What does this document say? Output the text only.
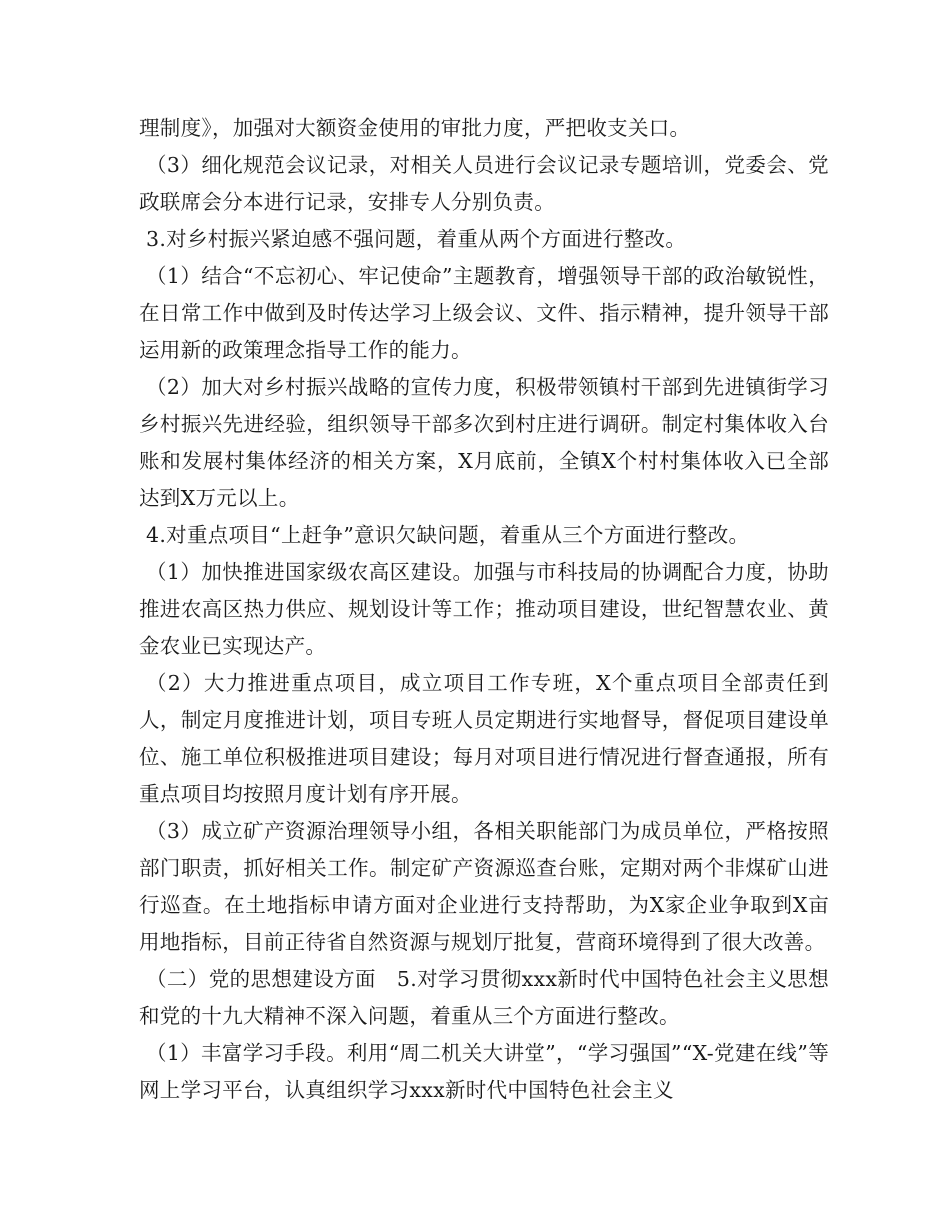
理制度》，加强对大额资金使用的审批力度，严把收支关口。

（3）细化规范会议记录，对相关人员进行会议记录专题培训，党委会、党政联席会分本进行记录，安排专人分别负责。

3.对乡村振兴紧迫感不强问题，着重从两个方面进行整改。

（1）结合“不忘初心、牢记使命”主题教育，增强领导干部的政治敏锐性，在日常工作中做到及时传达学习上级会议、文件、指示精神，提升领导干部运用新的政策理念指导工作的能力。

（2）加大对乡村振兴战略的宣传力度，积极带领镇村干部到先进镇街学习乡村振兴先进经验，组织领导干部多次到村庄进行调研。制定村集体收入台账和发展村集体经济的相关方案，X月底前，全镇X个村村集体收入已全部达到X万元以上。

4.对重点项目“上赶争”意识欠缺问题，着重从三个方面进行整改。

（1）加快推进国家级农高区建设。加强与市科技局的协调配合力度，协助推进农高区热力供应、规划设计等工作；推动项目建设，世纪智慧农业、黄金农业已实现达产。

（2）大力推进重点项目，成立项目工作专班，X个重点项目全部责任到人，制定月度推进计划，项目专班人员定期进行实地督导，督促项目建设单位、施工单位积极推进项目建设；每月对项目进行情况进行督查通报，所有重点项目均按照月度计划有序开展。

（3）成立矿产资源治理领导小组，各相关职能部门为成员单位，严格按照部门职责，抓好相关工作。制定矿产资源巡查台账，定期对两个非煤矿山进行巡查。在土地指标申请方面对企业进行支持帮助，为X家企业争取到X亩用地指标，目前正待省自然资源与规划厅批复，营商环境得到了很大改善。

（二）党的思想建设方面　5.对学习贯彻xxx新时代中国特色社会主义思想和党的十九大精神不深入问题，着重从三个方面进行整改。

（1）丰富学习手段。利用“周二机关大讲堂”，“学习强国”“X-党建在线”等网上学习平台，认真组织学习xxx新时代中国特色社会主义
